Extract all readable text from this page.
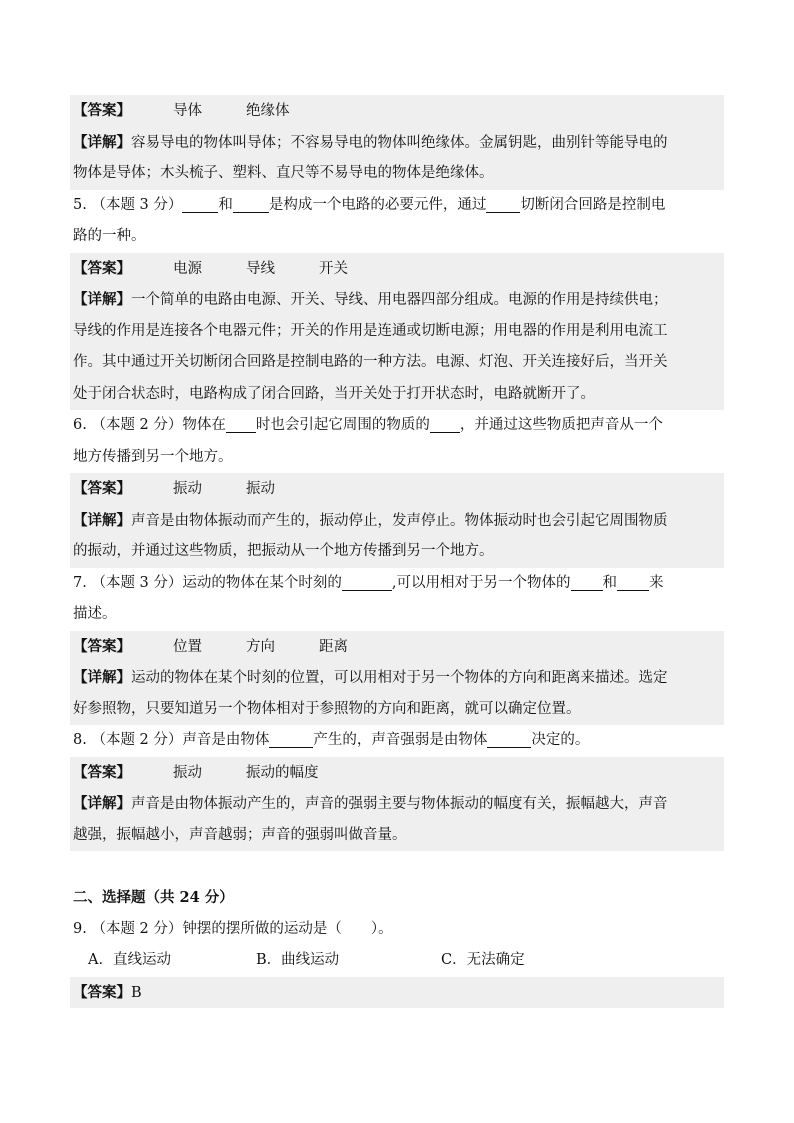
【答案】	导体	绝缘体
【详解】容易导电的物体叫导体；不容易导电的物体叫绝缘体。金属钥匙，曲别针等能导电的
物体是导体；木头梳子、塑料、直尺等不易导电的物体是绝缘体。
5. （本题 3 分） 和 是构成一个电路的必要元件，通过 切断闭合回路是控制电
路的一种。
【答案】	电源	导线	开关
【详解】一个简单的电路由电源、开关、导线、用电器四部分组成。电源的作用是持续供电；
导线的作用是连接各个电器元件；开关的作用是连通或切断电源；用电器的作用是利用电流工
作。其中通过开关切断闭合回路是控制电路的一种方法。电源、灯泡、开关连接好后，当开关
处于闭合状态时，电路构成了闭合回路，当开关处于打开状态时，电路就断开了。
6. （本题 2 分）物体在 时也会引起它周围的物质的 ，并通过这些物质把声音从一个
地方传播到另一个地方。
【答案】	振动	振动
【详解】声音是由物体振动而产生的，振动停止，发声停止。物体振动时也会引起它周围物质
的振动，并通过这些物质，把振动从一个地方传播到另一个地方。
7. （本题 3 分）运动的物体在某个时刻的	,可以用相对于另一个物体的 和 来
描述。
【答案】	位置	方向	距离
【详解】运动的物体在某个时刻的位置，可以用相对于另一个物体的方向和距离来描述。选定
好参照物，只要知道另一个物体相对于参照物的方向和距离，就可以确定位置。
8. （本题 2 分）声音是由物体	产生的，声音强弱是由物体	决定的。
【答案】	振动	振动的幅度
【详解】声音是由物体振动产生的，声音的强弱主要与物体振动的幅度有关，振幅越大，声音
越强，振幅越小，声音越弱；声音的强弱叫做音量。
二、选择题（共 24 分）
9. （本题 2 分）钟摆的摆所做的运动是（　　）。
A．直线运动	B．曲线运动	C．无法确定
【答案】B
